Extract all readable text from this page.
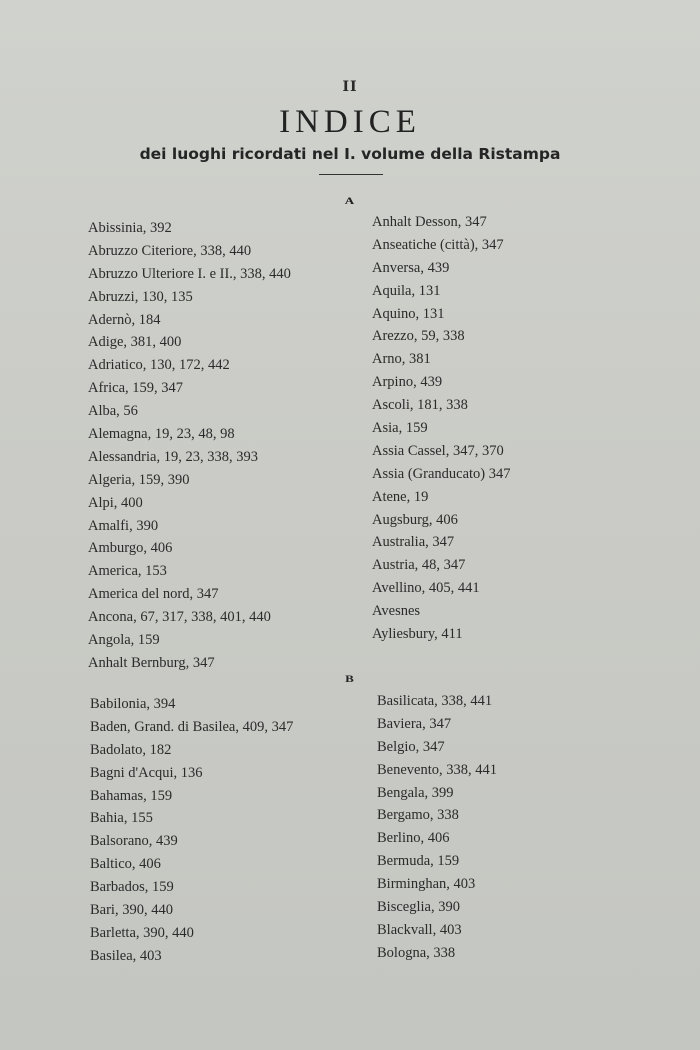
II
INDICE
dei luoghi ricordati nel I. volume della Ristampa
A
Abissinia, 392
Abruzzo Citeriore, 338, 440
Abruzzo Ulteriore I. e II., 338, 440
Abruzzi, 130, 135
Adernò, 184
Adige, 381, 400
Adriatico, 130, 172, 442
Africa, 159, 347
Alba, 56
Alemagna, 19, 23, 48, 98
Alessandria, 19, 23, 338, 393
Algeria, 159, 390
Alpi, 400
Amalfi, 390
Amburgo, 406
America, 153
America del nord, 347
Ancona, 67, 317, 338, 401, 440
Angola, 159
Anhalt Bernburg, 347
Anhalt Desson, 347
Anseatiche (città), 347
Anversa, 439
Aquila, 131
Aquino, 131
Arezzo, 59, 338
Arno, 381
Arpino, 439
Ascoli, 181, 338
Asia, 159
Assia Cassel, 347, 370
Assia (Granducato) 347
Atene, 19
Augsburg, 406
Australia, 347
Austria, 48, 347
Avellino, 405, 441
Avesnes
Ayliesbury, 411
B
Babilonia, 394
Baden, Grand. di Basilea, 409, 347
Badolato, 182
Bagni d'Acqui, 136
Bahamas, 159
Bahia, 155
Balsorano, 439
Baltico, 406
Barbados, 159
Bari, 390, 440
Barletta, 390, 440
Basilea, 403
Basilicata, 338, 441
Baviera, 347
Belgio, 347
Benevento, 338, 441
Bengala, 399
Bergamo, 338
Berlino, 406
Bermuda, 159
Birminghan, 403
Bisceglia, 390
Blackvall, 403
Bologna, 338
